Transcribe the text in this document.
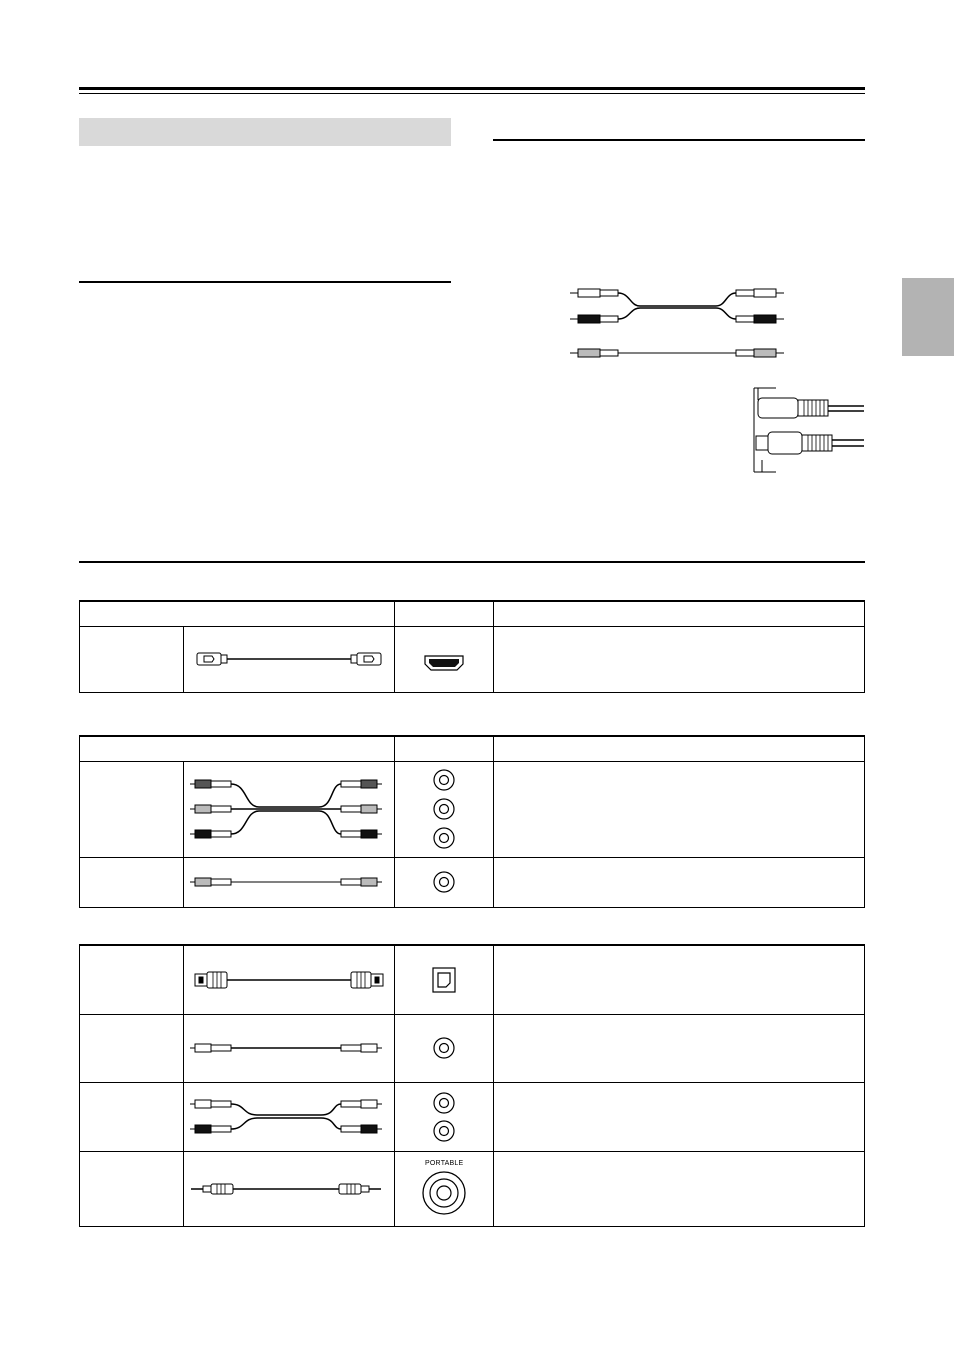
PORTABLE	
